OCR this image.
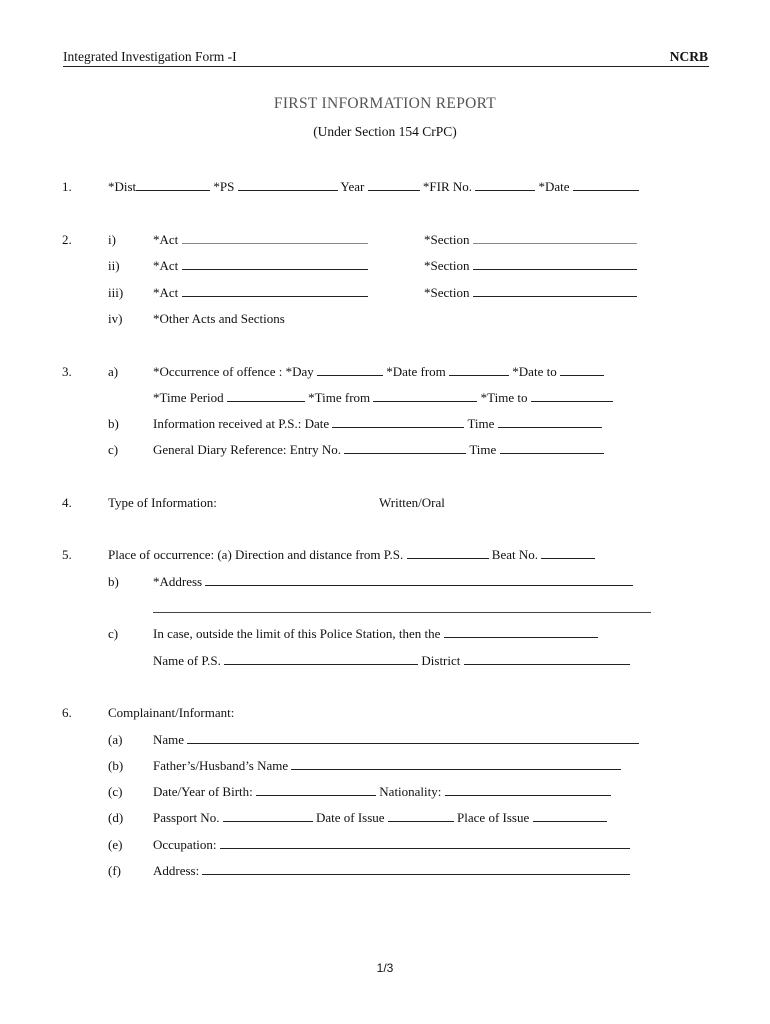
Integrated Investigation Form -I	NCRB
FIRST INFORMATION REPORT
(Under Section 154 CrPC)
1.	*Dist	*PS	Year	*FIR No.	*Date
2.	i)	*Act	*Section
ii)	*Act	*Section
iii) *Act	*Section
iv) *Other Acts and Sections
3.	a)	*Occurrence of offence : *Day	*Date from	*Date to
*Time Period	*Time from	*Time to
b)	Information received at P.S.: Date	Time
c)	General Diary Reference: Entry No.	Time
4.	Type of Information:	Written/Oral
5.	Place of occurrence: (a) Direction and distance from P.S.	Beat No.
b)	*Address
c)	In case, outside the limit of this Police Station, then the
Name of P.S.	District
6.	Complainant/Informant:
(a) Name
(b) Father’s/Husband’s Name
(c) Date/Year of Birth:	Nationality:
(d) Passport No.	Date of Issue	Place of Issue
(e) Occupation:
(f) Address:
1/3
